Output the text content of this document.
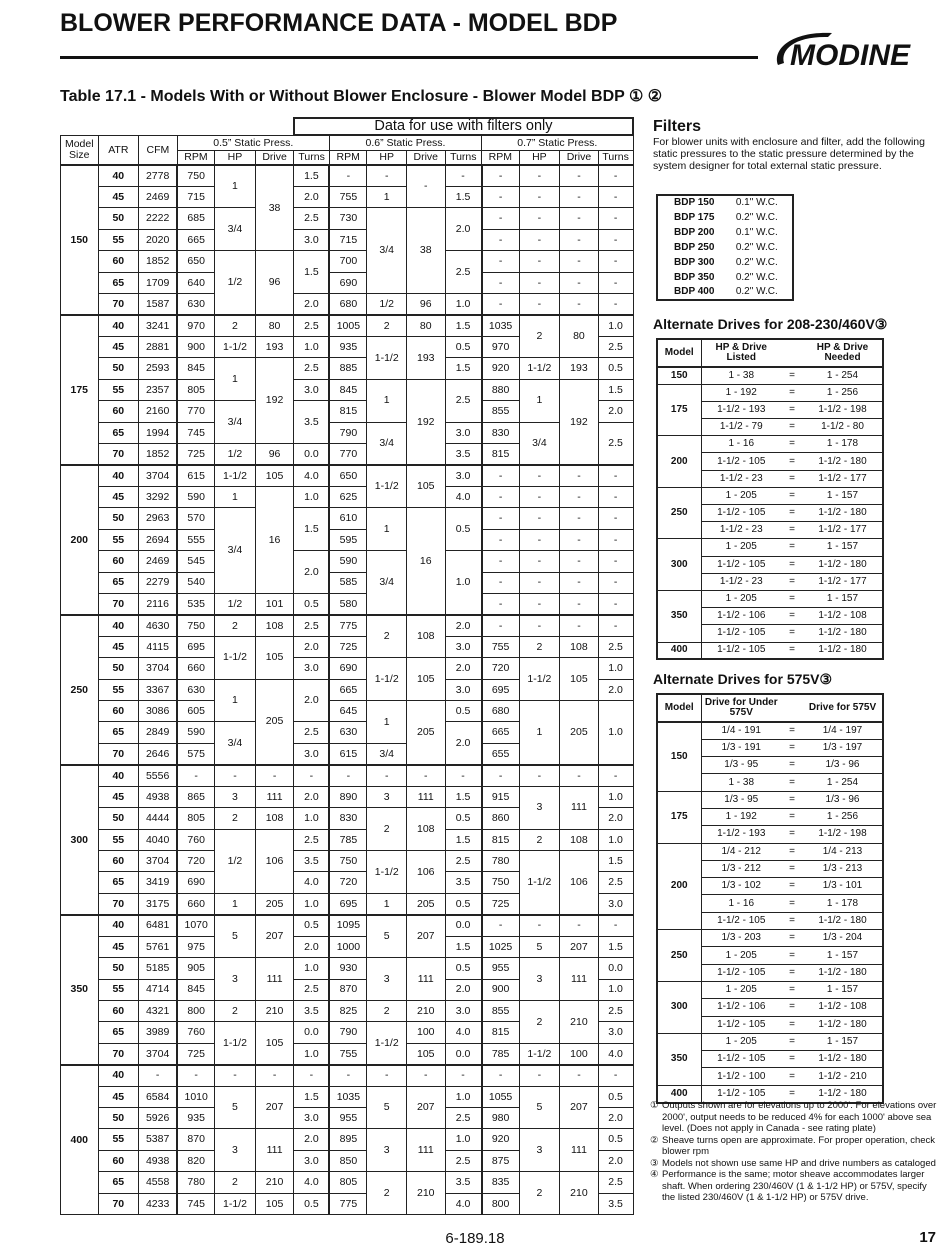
BLOWER PERFORMANCE DATA - MODEL BDP
MODINE
Table 17.1 - Models With or Without Blower Enclosure - Blower Model BDP ① ②
						Data for use with filters only								
Model Size	ATR	CFM	0.5” Static Press.				0.6” Static Press.				0.7” Static Press.			
			RPM	HP	Drive	Turns	RPM	HP	Drive	Turns	RPM	HP	Drive	Turns
150	40	2778	750	1	38	1.5	-	-	-	-	-	-	-	-
	45	2469	715			2.0	755	1		1.5	-	-	-	-
	50	2222	685	3/4		2.5	730	3/4	38	2.0	-	-	-	-
	55	2020	665			3.0	715				-	-	-	-
	60	1852	650	1/2	96	1.5	700			2.5	-	-	-	-
	65	1709	640				690				-	-	-	-
	70	1587	630			2.0	680	1/2	96	1.0	-	-	-	-
175	40	3241	970	2	80	2.5	1005	2	80	1.5	1035	2	80	1.0
	45	2881	900	1-1/2	193	1.0	935	1-1/2	193	0.5	970			2.5
	50	2593	845	1	192	2.5	885			1.5	920	1-1/2	193	0.5
	55	2357	805			3.0	845	1	192	2.5	880	1	192	1.5
	60	2160	770	3/4		3.5	815				855			2.0
	65	1994	745				790	3/4		3.0	830	3/4		2.5
	70	1852	725	1/2	96	0.0	770			3.5	815			
200	40	3704	615	1-1/2	105	4.0	650	1-1/2	105	3.0	-	-	-	-
	45	3292	590	1	16	1.0	625			4.0	-	-	-	-
	50	2963	570	3/4		1.5	610	1	16	0.5	-	-	-	-
	55	2694	555				595				-	-	-	-
	60	2469	545			2.0	590	3/4		1.0	-	-	-	-
	65	2279	540				585				-	-	-	-
	70	2116	535	1/2	101	0.5	580				-	-	-	-
250	40	4630	750	2	108	2.5	775	2	108	2.0	-	-	-	-
	45	4115	695	1-1/2	105	2.0	725			3.0	755	2	108	2.5
	50	3704	660			3.0	690	1-1/2	105	2.0	720	1-1/2	105	1.0
	55	3367	630	1	205	2.0	665			3.0	695			2.0
	60	3086	605				645	1	205	0.5	680	1	205	1.0
	65	2849	590	3/4		2.5	630			2.0	665			
	70	2646	575			3.0	615	3/4			655			
300	40	5556	-	-	-	-	-	-	-	-	-	-	-	-
	45	4938	865	3	111	2.0	890	3	111	1.5	915	3	111	1.0
	50	4444	805	2	108	1.0	830	2	108	0.5	860			2.0
	55	4040	760	1/2	106	2.5	785			1.5	815	2	108	1.0
	60	3704	720			3.5	750	1-1/2	106	2.5	780	1-1/2	106	1.5
	65	3419	690			4.0	720			3.5	750			2.5
	70	3175	660	1	205	1.0	695	1	205	0.5	725			3.0
350	40	6481	1070	5	207	0.5	1095	5	207	0.0	-	-	-	-
	45	5761	975			2.0	1000			1.5	1025	5	207	1.5
	50	5185	905	3	111	1.0	930	3	111	0.5	955	3	111	0.0
	55	4714	845			2.5	870			2.0	900			1.0
	60	4321	800	2	210	3.5	825	2	210	3.0	855	2	210	2.5
	65	3989	760	1-1/2	105	0.0	790	1-1/2	100	4.0	815			3.0
	70	3704	725			1.0	755		105	0.0	785	1-1/2	100	4.0
400	40	-	-	-	-	-	-	-	-	-	-	-	-	-
	45	6584	1010	5	207	1.5	1035	5	207	1.0	1055	5	207	0.5
	50	5926	935			3.0	955			2.5	980			2.0
	55	5387	870	3	111	2.0	895	3	111	1.0	920	3	111	0.5
	60	4938	820			3.0	850			2.5	875			2.0
	65	4558	780	2	210	4.0	805	2	210	3.5	835	2	210	2.5
	70	4233	745	1-1/2	105	0.5	775			4.0	800			3.5
Filters
For blower units with enclosure and filter, add the following static pressures to the static pressure determined by the system designer for total external static pressure.
BDP 150	0.1" W.C.
BDP 175	0.2" W.C.
BDP 200	0.1" W.C.
BDP 250	0.2" W.C.
BDP 300	0.2" W.C.
BDP 350	0.2" W.C.
BDP 400	0.2" W.C.
Alternate Drives for 208-230/460V③
Model	HP & Drive Listed		HP & Drive Needed
150	1 - 38	=	1 - 254
175	1 - 192	=	1 - 256
	1-1/2 - 193	=	1-1/2 - 198
	1-1/2 - 79	=	1-1/2 - 80
200	1 - 16	=	1 - 178
	1-1/2 - 105	=	1-1/2 - 180
	1-1/2 - 23	=	1-1/2 - 177
250	1 - 205	=	1 - 157
	1-1/2 - 105	=	1-1/2 - 180
	1-1/2 - 23	=	1-1/2 - 177
300	1 - 205	=	1 - 157
	1-1/2 - 105	=	1-1/2 - 180
	1-1/2 - 23	=	1-1/2 - 177
350	1 - 205	=	1 - 157
	1-1/2 - 106	=	1-1/2 - 108
	1-1/2 - 105	=	1-1/2 - 180
400	1-1/2 - 105	=	1-1/2 - 180
Alternate Drives for 575V③
Model	Drive for Under 575V		Drive for 575V
150	1/4 - 191	=	1/4 - 197
	1/3 - 191	=	1/3 - 197
	1/3 - 95	=	1/3 - 96
	1 - 38	=	1 - 254
175	1/3 - 95	=	1/3 - 96
	1 - 192	=	1 - 256
	1-1/2 - 193	=	1-1/2 - 198
200	1/4 - 212	=	1/4 - 213
	1/3 - 212	=	1/3 - 213
	1/3 - 102	=	1/3 - 101
	1 - 16	=	1 - 178
	1-1/2 - 105	=	1-1/2 - 180
250	1/3 - 203	=	1/3 - 204
	1 - 205	=	1 - 157
	1-1/2 - 105	=	1-1/2 - 180
300	1 - 205	=	1 - 157
	1-1/2 - 106	=	1-1/2 - 108
	1-1/2 - 105	=	1-1/2 - 180
350	1 - 205	=	1 - 157
	1-1/2 - 105	=	1-1/2 - 180
	1-1/2 - 100	=	1-1/2 - 210
400	1-1/2 - 105	=	1-1/2 - 180
① Outputs shown are for elevations up to 2000'. For elevations over 2000', output needs to be reduced 4% for each 1000' above sea level. (Does not apply in Canada - see rating plate)
② Sheave turns open are approximate. For proper operation, check blower rpm
③ Models not shown use same HP and drive numbers as cataloged
④ Performance is the same; motor sheave accommodates larger shaft. When ordering 230/460V (1 & 1-1/2 HP) or 575V, specify the listed 230/460V (1 & 1-1/2 HP) or 575V drive.
6-189.18	17
